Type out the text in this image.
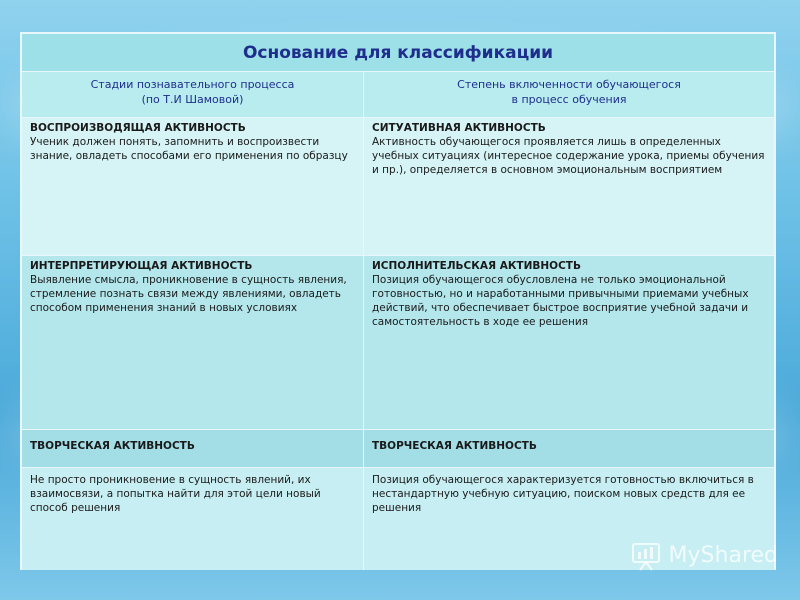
Основание для классификации
Стадии познавательного процесса
(по Т.И Шамовой)
Степень включенности обучающегося
в процесс обучения
ВОСПРОИЗВОДЯЩАЯ АКТИВНОСТЬ

Ученик должен понять, запомнить и воспроизвести знание, овладеть способами его применения по образцу

СИТУАТИВНАЯ АКТИВНОСТЬ

Активность обучающегося проявляется лишь в определенных учебных ситуациях (интересное содержание урока, приемы обучения и пр.), определяется в основном эмоциональным восприятием

ИНТЕРПРЕТИРУЮЩАЯ АКТИВНОСТЬ

Выявление смысла, проникновение в сущность явления, стремление познать связи между явлениями, овладеть способом применения знаний в новых условиях

ИСПОЛНИТЕЛЬСКАЯ АКТИВНОСТЬ

Позиция обучающегося обусловлена не только эмоциональной готовностью, но и наработанными привычными приемами учебных действий, что обеспечивает быстрое восприятие учебной задачи и самостоятельность в ходе ее решения

ТВОРЧЕСКАЯ АКТИВНОСТЬ	ТВОРЧЕСКАЯ АКТИВНОСТЬ

Не просто проникновение в сущность явлений, их взаимосвязи, а попытка найти для этой цели новый способ решения

Позиция обучающегося характеризуется готовностью включиться в нестандартную учебную ситуацию, поиском новых средств для ее решения

MyShared
